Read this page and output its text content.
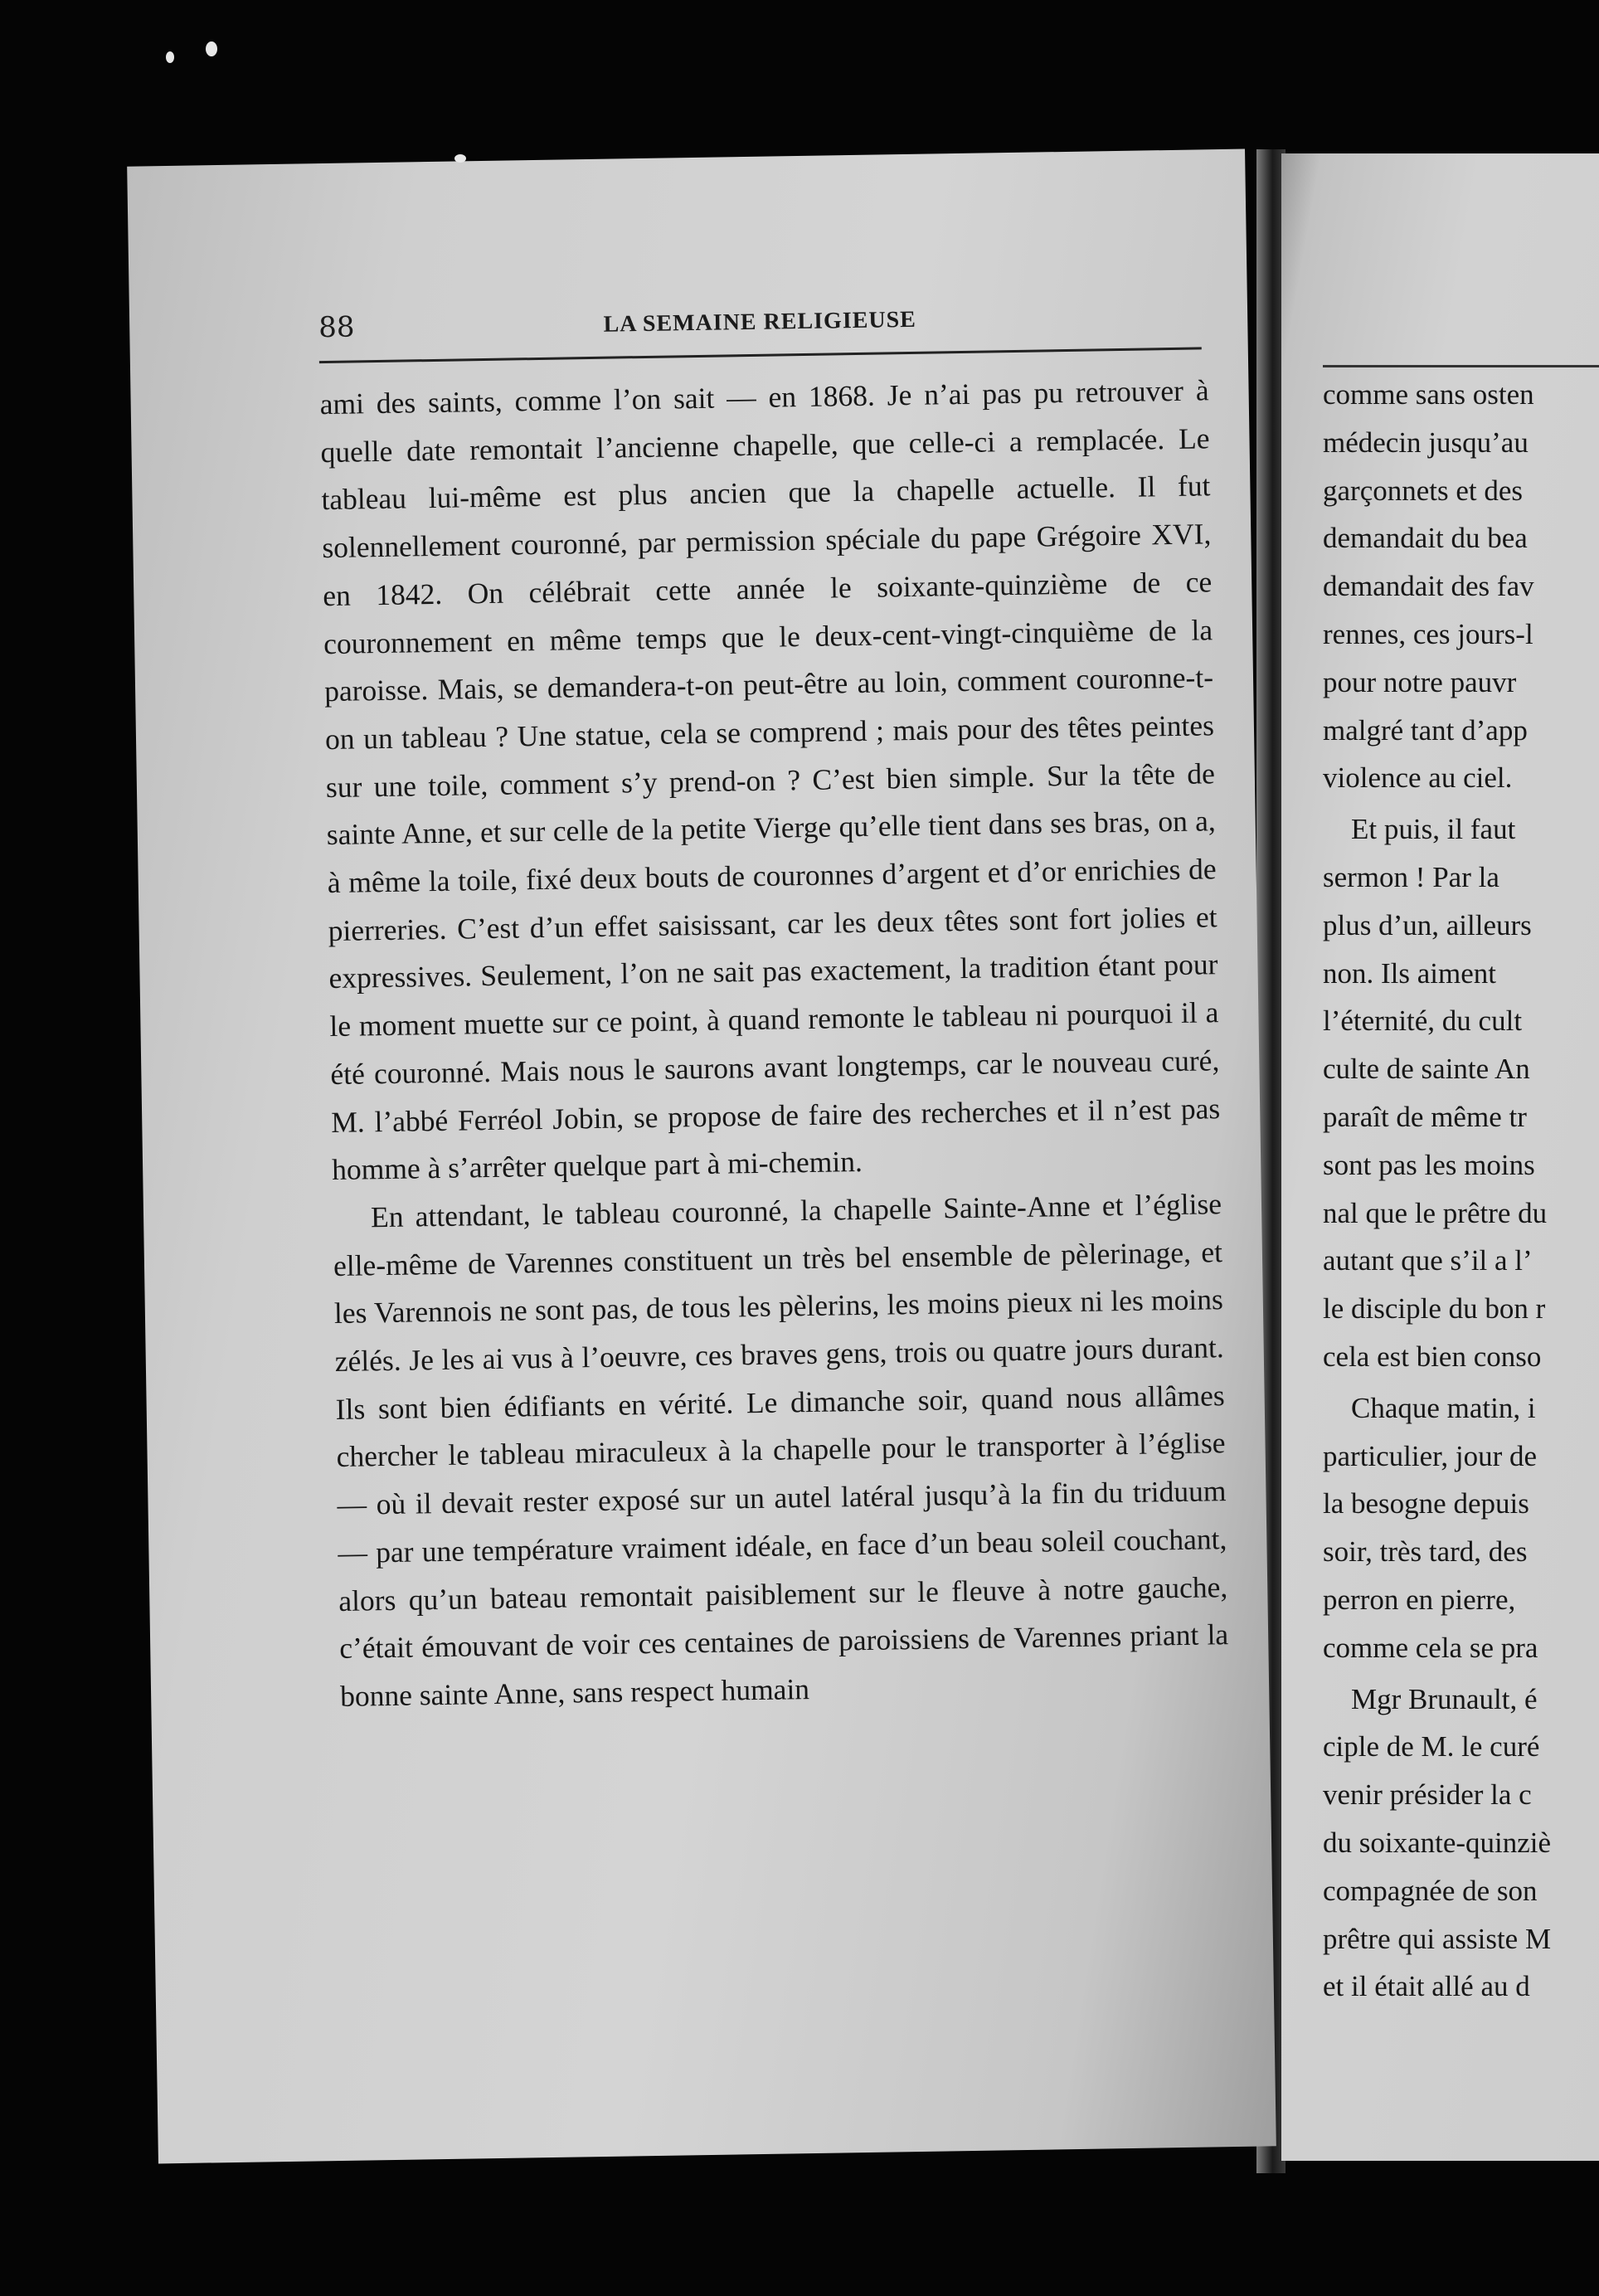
88	LA SEMAINE RELIGIEUSE

ami des saints, comme l’on sait — en 1868. Je n’ai pas pu retrouver à quelle date remontait l’ancienne chapelle, que celle-ci a remplacée. Le tableau lui-même est plus ancien que la chapelle actuelle. Il fut solennellement couronné, par permission spéciale du pape Grégoire XVI, en 1842. On célébrait cette année le soixante-quinzième de ce couronnement en même temps que le deux-cent-vingt-cinquième de la paroisse. Mais, se demandera-t-on peut-être au loin, comment couronne-t-on un tableau ? Une statue, cela se comprend ; mais pour des têtes peintes sur une toile, comment s’y prend-on ? C’est bien simple. Sur la tête de sainte Anne, et sur celle de la petite Vierge qu’elle tient dans ses bras, on a, à même la toile, fixé deux bouts de couronnes d’argent et d’or enrichies de pierreries. C’est d’un effet saisissant, car les deux têtes sont fort jolies et expressives. Seulement, l’on ne sait pas exactement, la tradition étant pour le moment muette sur ce point, à quand remonte le tableau ni pourquoi il a été couronné. Mais nous le saurons avant longtemps, car le nouveau curé, M. l’abbé Ferréol Jobin, se propose de faire des recherches et il n’est pas homme à s’arrêter quelque part à mi-chemin.

En attendant, le tableau couronné, la chapelle Sainte-Anne et l’église elle-même de Varennes constituent un très bel ensemble de pèlerinage, et les Varennois ne sont pas, de tous les pèlerins, les moins pieux ni les moins zélés. Je les ai vus à l’oeuvre, ces braves gens, trois ou quatre jours durant. Ils sont bien édifiants en vérité. Le dimanche soir, quand nous allâmes chercher le tableau miraculeux à la chapelle pour le transporter à l’église — où il devait rester exposé sur un autel latéral jusqu’à la fin du triduum — par une température vraiment idéale, en face d’un beau soleil couchant, alors qu’un bateau remontait paisiblement sur le fleuve à notre gauche, c’était émouvant de voir ces centaines de paroissiens de Varennes priant la bonne sainte Anne, sans respect humain

comme sans osten
médecin jusqu’au
garçonnets et des
demandait du bea
demandait des fav
rennes, ces jours-l
pour notre pauvr
malgré tant d’app
violence au ciel.
Et puis, il faut
sermon ! Par la
plus d’un, ailleurs
non. Ils aiment
l’éternité, du cult
culte de sainte An
paraît de même tr
sont pas les moins
nal que le prêtre du
autant que s’il a l’
le disciple du bon r
cela est bien conso
Chaque matin, i
particulier, jour de
la besogne depuis
soir, très tard, des
perron en pierre,
comme cela se pra
Mgr Brunault, é
ciple de M. le curé
venir présider la c
du soixante-quinziè
compagnée de son
prêtre qui assiste M
et il était allé au d
